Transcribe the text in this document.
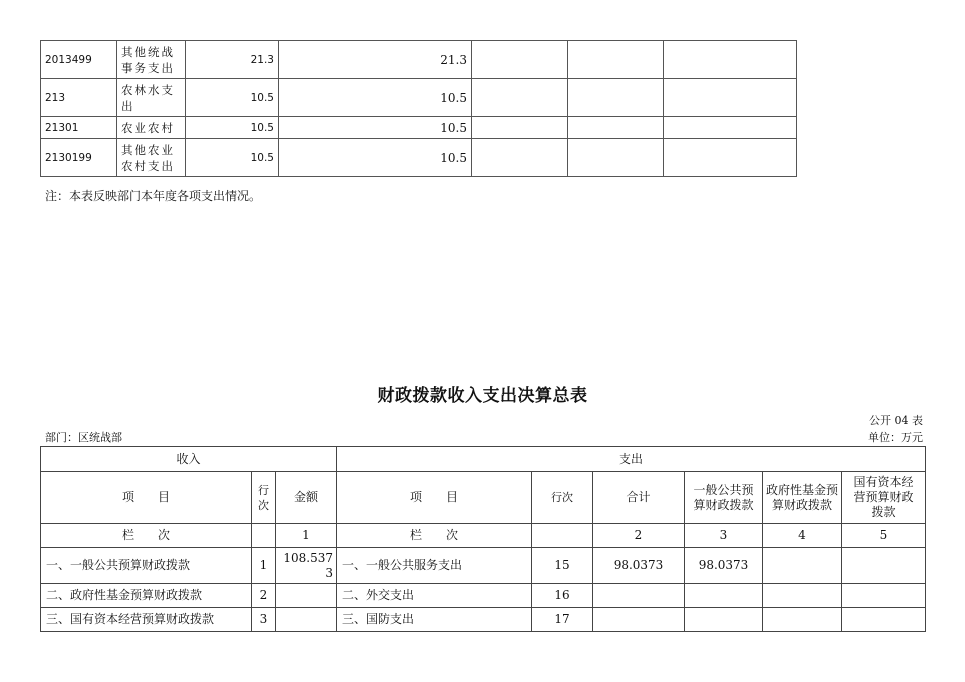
2013499	其他统战事务支出	21.3	21.3			
213	农林水支出	10.5	10.5			
21301	农业农村	10.5	10.5			
2130199	其他农业农村支出	10.5	10.5			
注：本表反映部门本年度各项支出情况。
财政拨款收入支出决算总表
公开 04 表
部门：区统战部	单位：万元
收入			支出					
项　　目	行次	金额	项　　目	行次	合计	一般公共预算财政拨款	政府性基金预算财政拨款	国有资本经营预算财政拨款
栏　　次		1	栏　　次		2	3	4	5
一、一般公共预算财政拨款	1	108.5373	一、一般公共服务支出	15	98.0373	98.0373		
二、政府性基金预算财政拨款	2		二、外交支出	16				
三、国有资本经营预算财政拨款	3		三、国防支出	17				
